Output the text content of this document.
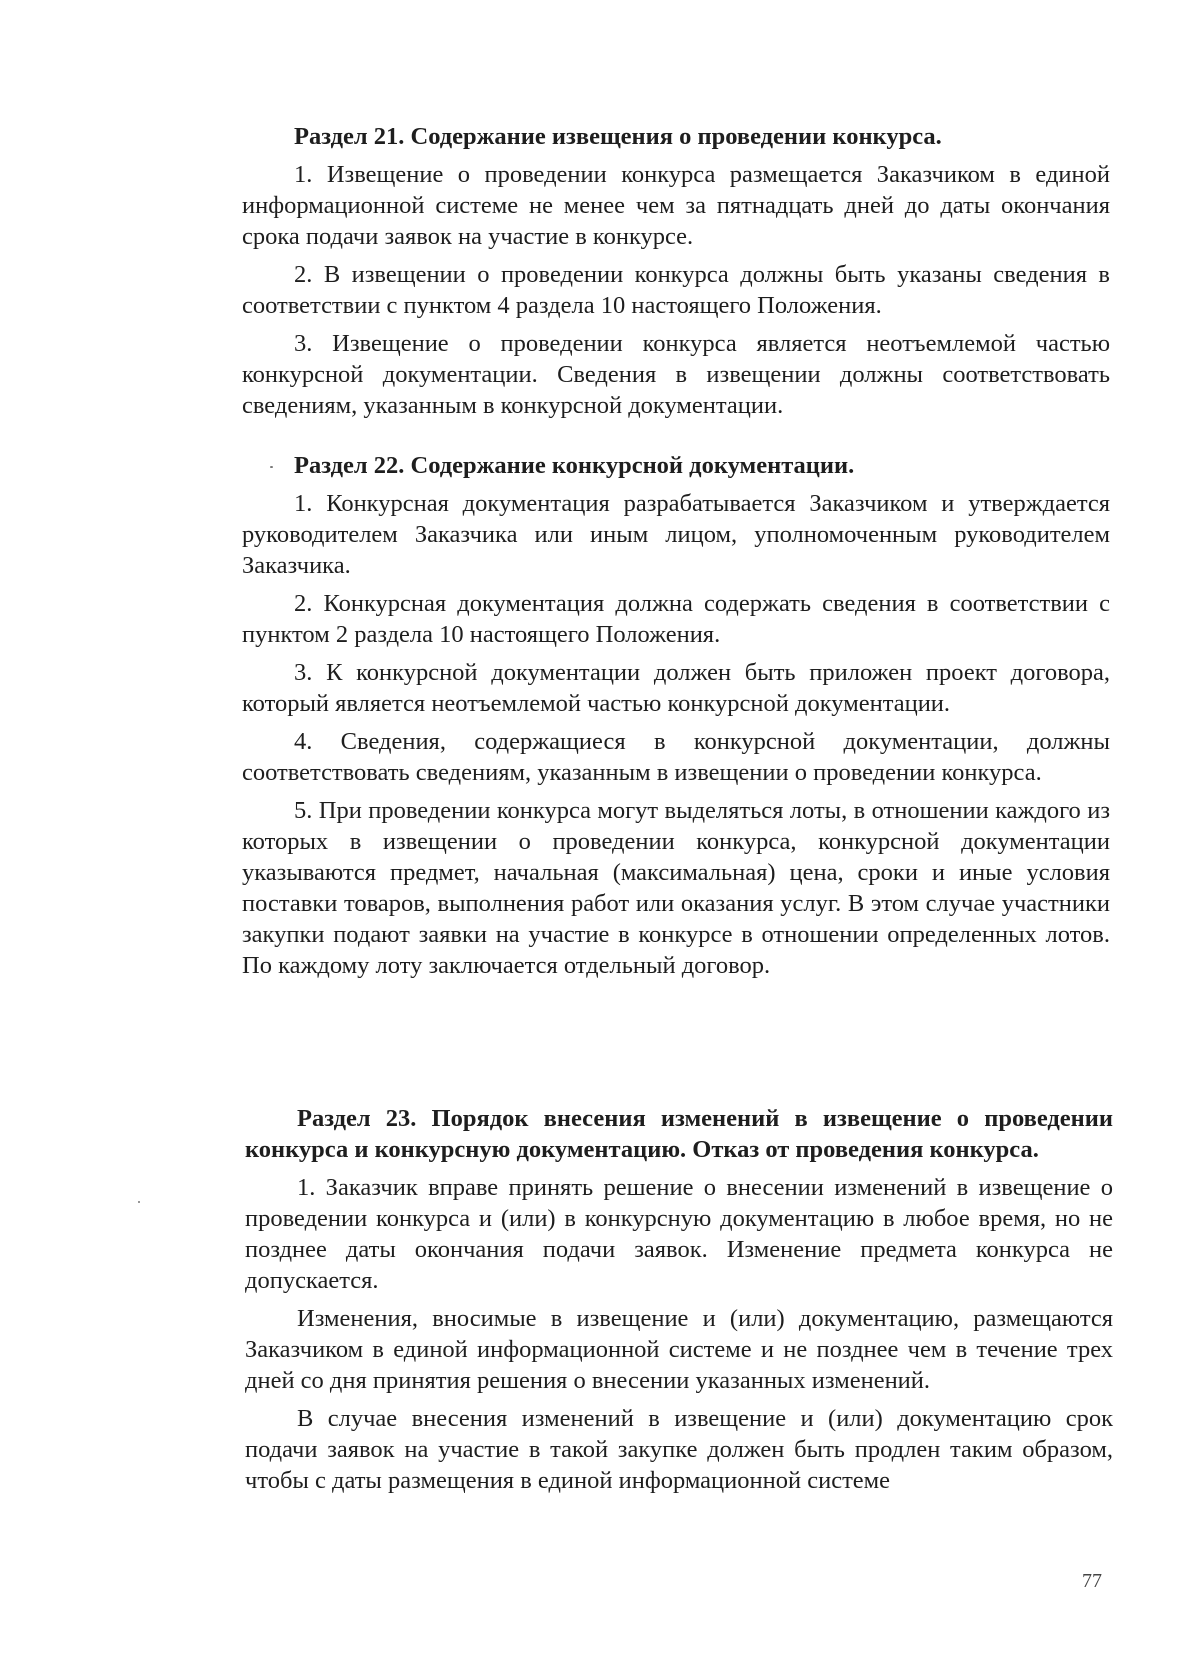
Раздел 21. Содержание извещения о проведении конкурса.

1. Извещение о проведении конкурса размещается Заказчиком в единой информационной системе не менее чем за пятнадцать дней до даты окончания срока подачи заявок на участие в конкурсе.

2. В извещении о проведении конкурса должны быть указаны сведения в соответствии с пунктом 4 раздела 10 настоящего Положения.

3. Извещение о проведении конкурса является неотъемлемой частью конкурсной документации. Сведения в извещении должны соответствовать сведениям, указанным в конкурсной документации.

Раздел 22. Содержание конкурсной документации.

1. Конкурсная документация разрабатывается Заказчиком и утверждается руководителем Заказчика или иным лицом, уполномоченным руководителем Заказчика.

2. Конкурсная документация должна содержать сведения в соответствии с пунктом 2 раздела 10 настоящего Положения.

3. К конкурсной документации должен быть приложен проект договора, который является неотъемлемой частью конкурсной документации.

4. Сведения, содержащиеся в конкурсной документации, должны соответствовать сведениям, указанным в извещении о проведении конкурса.

5. При проведении конкурса могут выделяться лоты, в отношении каждого из которых в извещении о проведении конкурса, конкурсной документации указываются предмет, начальная (максимальная) цена, сроки и иные условия поставки товаров, выполнения работ или оказания услуг. В этом случае участники закупки подают заявки на участие в конкурсе в отношении определенных лотов. По каждому лоту заключается отдельный договор.

Раздел 23. Порядок внесения изменений в извещение о проведении конкурса и конкурсную документацию. Отказ от проведения конкурса.

1. Заказчик вправе принять решение о внесении изменений в извещение о проведении конкурса и (или) в конкурсную документацию в любое время, но не позднее даты окончания подачи заявок. Изменение предмета конкурса не допускается.

Изменения, вносимые в извещение и (или) документацию, размещаются Заказчиком в единой информационной системе и не позднее чем в течение трех дней со дня принятия решения о внесении указанных изменений.

В случае внесения изменений в извещение и (или) документацию срок подачи заявок на участие в такой закупке должен быть продлен таким образом, чтобы с даты размещения в единой информационной системе

77
